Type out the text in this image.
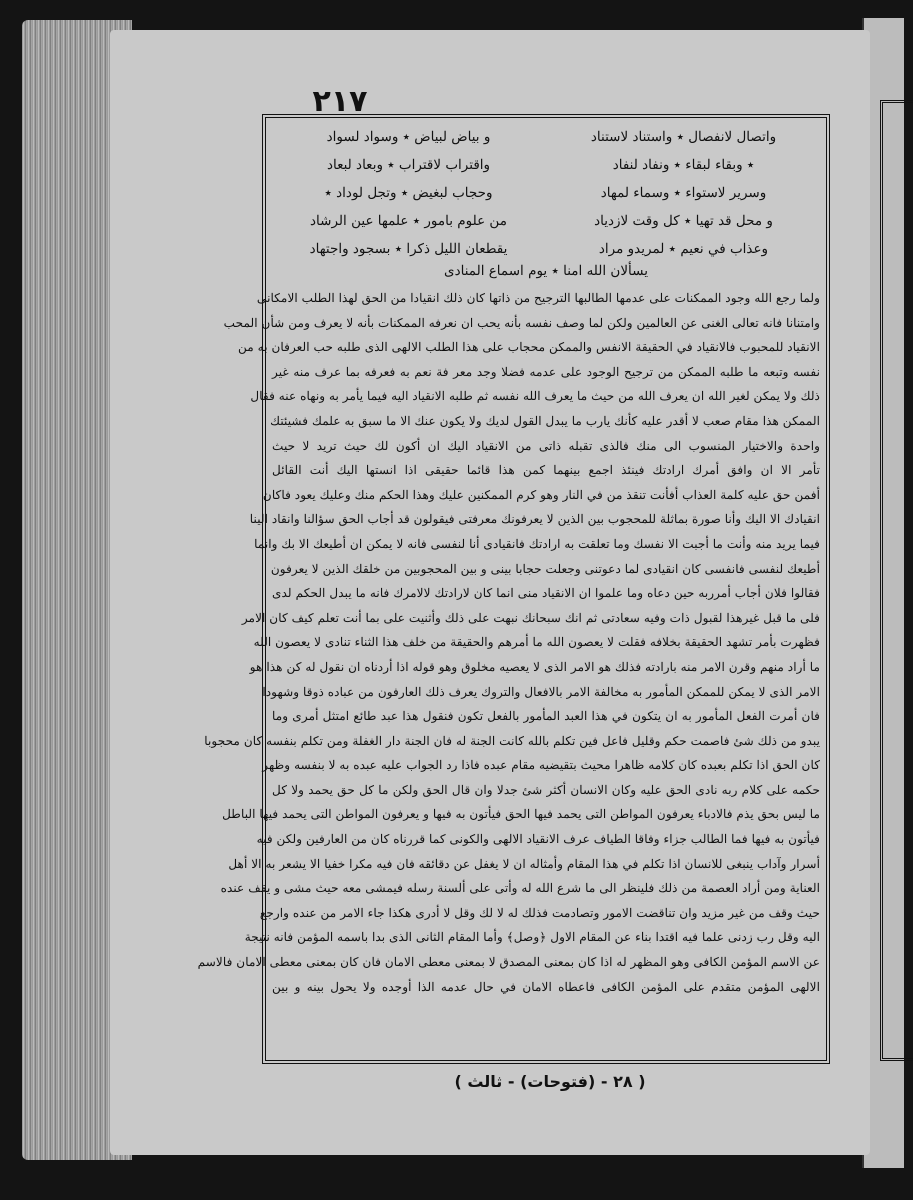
٢١٧
واتصال لانفصال ٭ واستناد لاستناد
و بياض لبياض ٭ وسواد لسواد
٭ وبقاء لبقاء ٭ ونفاد لنفاد
واقتراب لاقتراب ٭ وبعاد لبعاد
وسرير لاستواء ٭ وسماء لمهاد
وحجاب لبغيض ٭ وتجل لوداد ٭
و محل قد تهيا ٭ كل وقت لازدياد
من علوم بامور ٭ علمها عين الرشاد
وعذاب في نعيم ٭ لمريدو مراد
يقطعان الليل ذكرا ٭ بسجود واجتهاد
يسألان الله امنا ٭ يوم اسماع المنادى

ولما رجع الله وجود الممكنات على عدمها الطالبها الترجيح من ذاتها كان ذلك انقيادا من الحق لهذا الطلب الامكانى

وامتنانا فانه تعالى الغنى عن العالمين ولكن لما وصف نفسه بأنه يحب ان نعرفه الممكنات بأنه لا يعرف ومن شأن المحب

الانقياد للمحبوب فالانقياد في الحقيقة الانفس والممكن محجاب على هذا الطلب الالهى الذى طلبه حب العرفان به من

نفسه وتبعه ما طلبه الممكن من ترجيح الوجود على عدمه فضلا وجد معر فة نعم به فعرفه بما عرف منه غير

ذلك ولا يمكن لغير الله ان يعرف الله من حيث ما يعرف الله نفسه ثم طلبه الانقياد اليه فيما يأمر به ونهاه عنه فقال

الممكن هذا مقام صعب لا أقدر عليه كأنك يارب ما يبدل القول لديك ولا يكون عنك الا ما سبق به علمك فشيئتك

واحدة والاختيار المنسوب الى منك فالذى تقبله ذاتى من الانقياد اليك ان أكون لك حيث تريد لا حيث

تأمر الا ان وافق أمرك ارادتك فينئذ اجمع بينهما كمن هذا قائما حقيقى اذا انستها اليك أنت القائل

أفمن حق عليه كلمة العذاب أفأنت تنقذ من في النار وهو كرم الممكنين عليك وهذا الحكم منك وعليك يعود فاكان

انقيادك الا اليك وأنا صورة بماثلة للمحجوب بين الذين لا يعرفونك معرفتى فيقولون قد أجاب الحق سؤالنا وانقاد الينا

فيما يريد منه وأنت ما أجبت الا نفسك وما تعلقت به ارادتك فانقيادى أنا لنفسى فانه لا يمكن ان أطيعك الا بك وانما

أطيعك لنفسى فانفسى كان انقيادى لما دعوتنى وجعلت حجابا بينى و بين المحجوبين من خلقك الذين لا يعرفون

فقالوا فلان أجاب أمرربه حين دعاه وما علموا ان الانقياد منى انما كان لارادتك لالامرك فانه ما يبدل الحكم لدى

فلى ما قبل غيرهذا لقبول ذات وفيه سعادتى ثم انك سبحانك نبهت على ذلك وأثنيت على بما أنت تعلم كيف كان الامر

فظهرت بأمر تشهد الحقيقة بخلافه فقلت لا يعصون الله ما أمرهم والحقيقة من خلف هذا الثناء تنادى لا يعصون الله

ما أراد منهم وقرن الامر منه بارادته فذلك هو الامر الذى لا يعصيه مخلوق وهو قوله اذا أردناه ان نقول له كن هذا هو

الامر الذى لا يمكن للممكن المأمور به مخالفة الامر بالافعال والتروك يعرف ذلك العارفون من عباده ذوقا وشهودا

فان أمرت الفعل المأمور به ان يتكون في هذا العبد المأمور بالفعل تكون فنقول هذا عبد طائع امتثل أمرى وما

يبدو من ذلك شئ فاصمت حكم وقليل فاعل فين تكلم بالله كانت الجنة له فان الجنة دار الغفلة ومن تكلم بنفسه كان محجوبا

كان الحق اذا تكلم بعبده كان كلامه ظاهرا محيث بتقيضيه مقام عبده فاذا رد الجواب عليه عبده به لا بنفسه وظهر

حكمه على كلام ربه نادى الحق عليه وكان الانسان أكثر شئ جدلا وان قال الحق ولكن ما كل حق يحمد ولا كل

ما ليس بحق يذم فالادباء يعرفون المواطن التى يحمد فيها الحق فيأتون به فيها و يعرفون المواطن التى يحمد فيها الباطل

فيأتون به فيها فما الطالب جزاء وفاقا الطياف عرف الانقياد الالهى والكونى كما قررناه كان من العارفين ولكن فيه

أسرار وآداب ينبغى للانسان اذا تكلم في هذا المقام وأمثاله ان لا يغفل عن دقائقه فان فيه مكرا خفيا الا يشعر به الا أهل

العناية ومن أراد العصمة من ذلك فلينظر الى ما شرع الله له وأتى على ألسنة رسله فيمشى معه حيث مشى و يقف عنده

حيث وقف من غير مزيد وان تناقضت الامور وتصادمت فذلك له لا لك وقل لا أدرى هكذا جاء الامر من عنده وارجع

اليه وقل رب زدنى علما فيه اقتدا بناء عن المقام الاول ﴿وصل﴾ وأما المقام الثانى الذى بدا باسمه المؤمن فانه نتيجة

عن الاسم المؤمن الكافى وهو المظهر له اذا كان بمعنى المصدق لا بمعنى معطى الامان فان كان بمعنى معطى الامان فالاسم

الالهى المؤمن متقدم على المؤمن الكافى فاعطاه الامان في حال عدمه الذا أوجده ولا يحول بينه و بين

( ٢٨ - (فتوحات) - ثالث )
